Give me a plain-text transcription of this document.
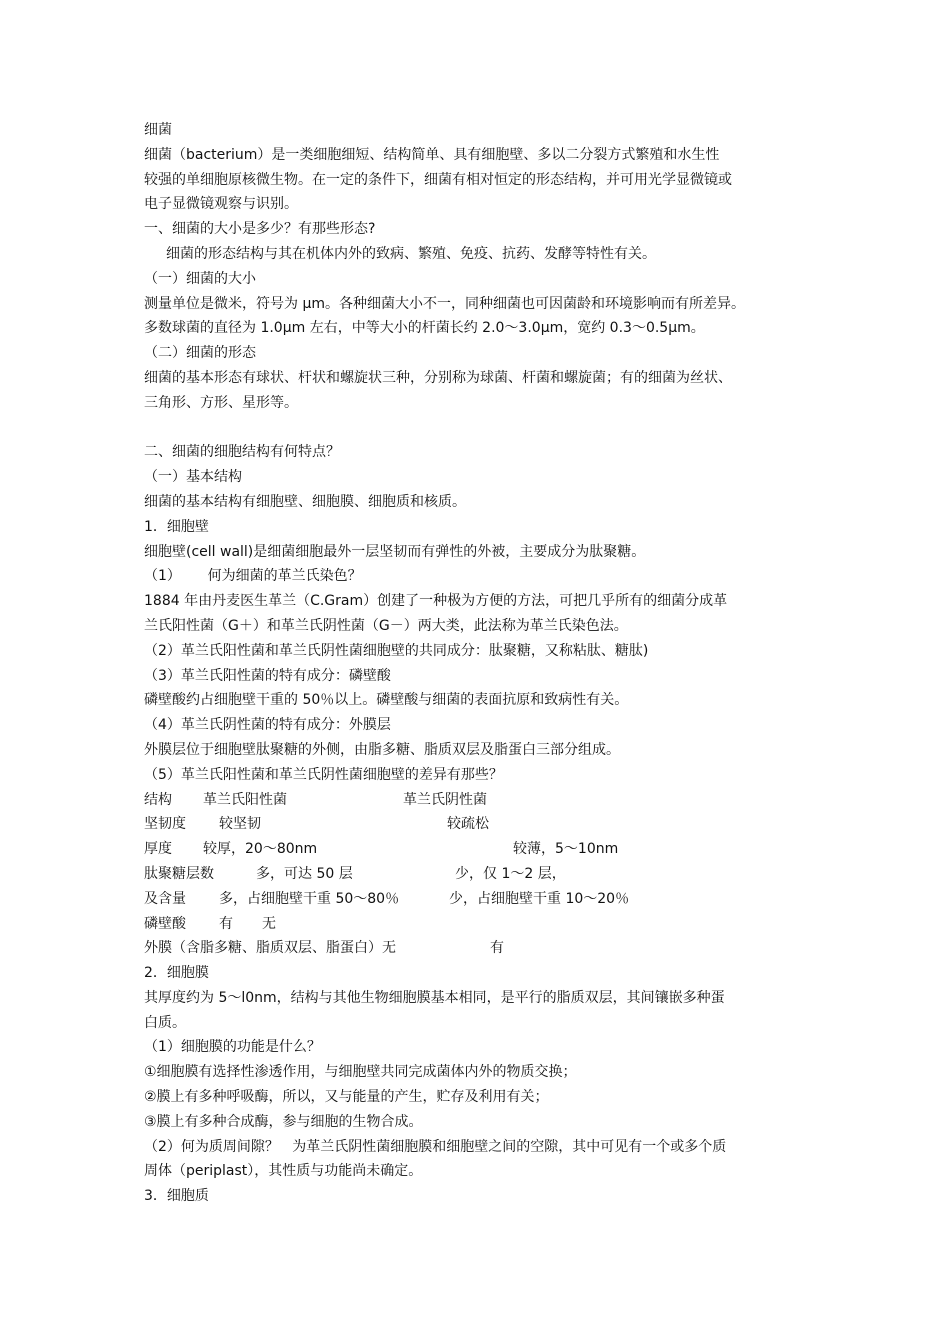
细菌
细菌（bacterium）是一类细胞细短、结构简单、具有细胞壁、多以二分裂方式繁殖和水生性
较强的单细胞原核微生物。在一定的条件下，细菌有相对恒定的形态结构，并可用光学显微镜或
电子显微镜观察与识别。
一、细菌的大小是多少？有那些形态?
细菌的形态结构与其在机体内外的致病、繁殖、免疫、抗药、发酵等特性有关。
（一）细菌的大小
测量单位是微米，符号为 μm。各种细菌大小不一，同种细菌也可因菌龄和环境影响而有所差异。
多数球菌的直径为 1.0μm 左右，中等大小的杆菌长约 2.0～3.0μm，宽约 0.3～0.5μm。
（二）细菌的形态
细菌的基本形态有球状、杆状和螺旋状三种，分别称为球菌、杆菌和螺旋菌；有的细菌为丝状、
三角形、方形、星形等。
二、细菌的细胞结构有何特点？
（一）基本结构
细菌的基本结构有细胞壁、细胞膜、细胞质和核质。
1．细胞壁
细胞壁(cell wall)是细菌细胞最外一层坚韧而有弹性的外被，主要成分为肽聚糖。
（1）      何为细菌的革兰氏染色？
1884 年由丹麦医生革兰（C.Gram）创建了一种极为方便的方法，可把几乎所有的细菌分成革
兰氏阳性菌（G＋）和革兰氏阴性菌（G－）两大类，此法称为革兰氏染色法。
（2）革兰氏阳性菌和革兰氏阴性菌细胞壁的共同成分：肽聚糖，又称粘肽、糖肽)
（3）革兰氏阳性菌的特有成分：磷壁酸
磷壁酸约占细胞壁干重的 50％以上。磷壁酸与细菌的表面抗原和致病性有关。
（4）革兰氏阴性菌的特有成分：外膜层
外膜层位于细胞壁肽聚糖的外侧，由脂多糖、脂质双层及脂蛋白三部分组成。
（5）革兰氏阳性菌和革兰氏阴性菌细胞壁的差异有那些？
结构 革兰氏阳性菌	革兰氏阴性菌
坚韧度 较坚韧	较疏松
厚度 较厚，20～80nm	较薄，5～10nm
肽聚糖层数	多，可达 50 层	少，仅 1～2 层，
及含量 多，占细胞壁干重 50～80％	少，占细胞壁干重 10～20％
磷壁酸 有 无
外膜（含脂多糖、脂质双层、脂蛋白）无	有
2．细胞膜
其厚度约为 5～l0nm，结构与其他生物细胞膜基本相同，是平行的脂质双层，其间镶嵌多种蛋
白质。
（1）细胞膜的功能是什么？
①细胞膜有选择性渗透作用，与细胞壁共同完成菌体内外的物质交换；
②膜上有多种呼吸酶，所以，又与能量的产生，贮存及利用有关；
③膜上有多种合成酶，参与细胞的生物合成。
（2）何为质周间隙？   为革兰氏阴性菌细胞膜和细胞壁之间的空隙，其中可见有一个或多个质
周体（periplast），其性质与功能尚未确定。
3．细胞质
